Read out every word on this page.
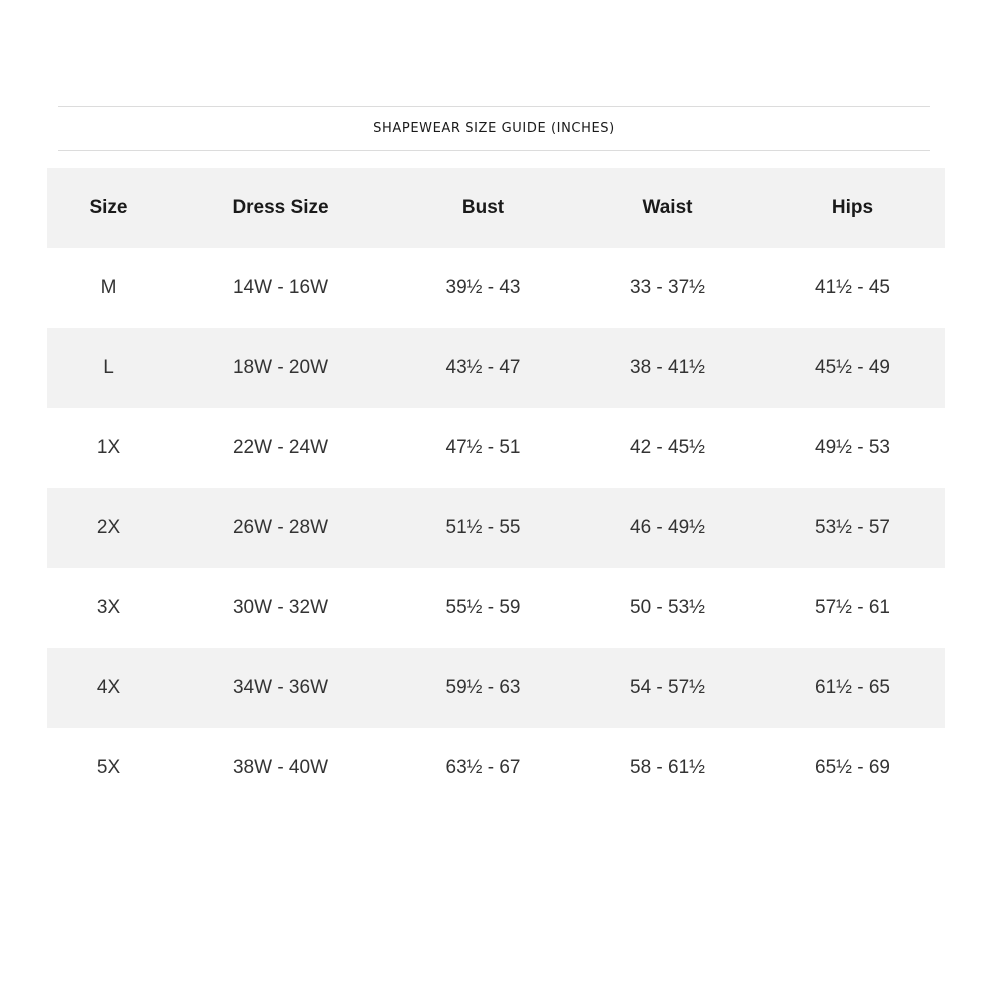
SHAPEWEAR SIZE GUIDE (INCHES)
Size	Dress Size	Bust	Waist	Hips
M	14W - 16W	39½ - 43	33 - 37½	41½ - 45
L	18W - 20W	43½ - 47	38 - 41½	45½ - 49
1X	22W - 24W	47½ - 51	42 - 45½	49½ - 53
2X	26W - 28W	51½ - 55	46 - 49½	53½ - 57
3X	30W - 32W	55½ - 59	50 - 53½	57½ - 61
4X	34W - 36W	59½ - 63	54 - 57½	61½ - 65
5X	38W - 40W	63½ - 67	58 - 61½	65½ - 69
